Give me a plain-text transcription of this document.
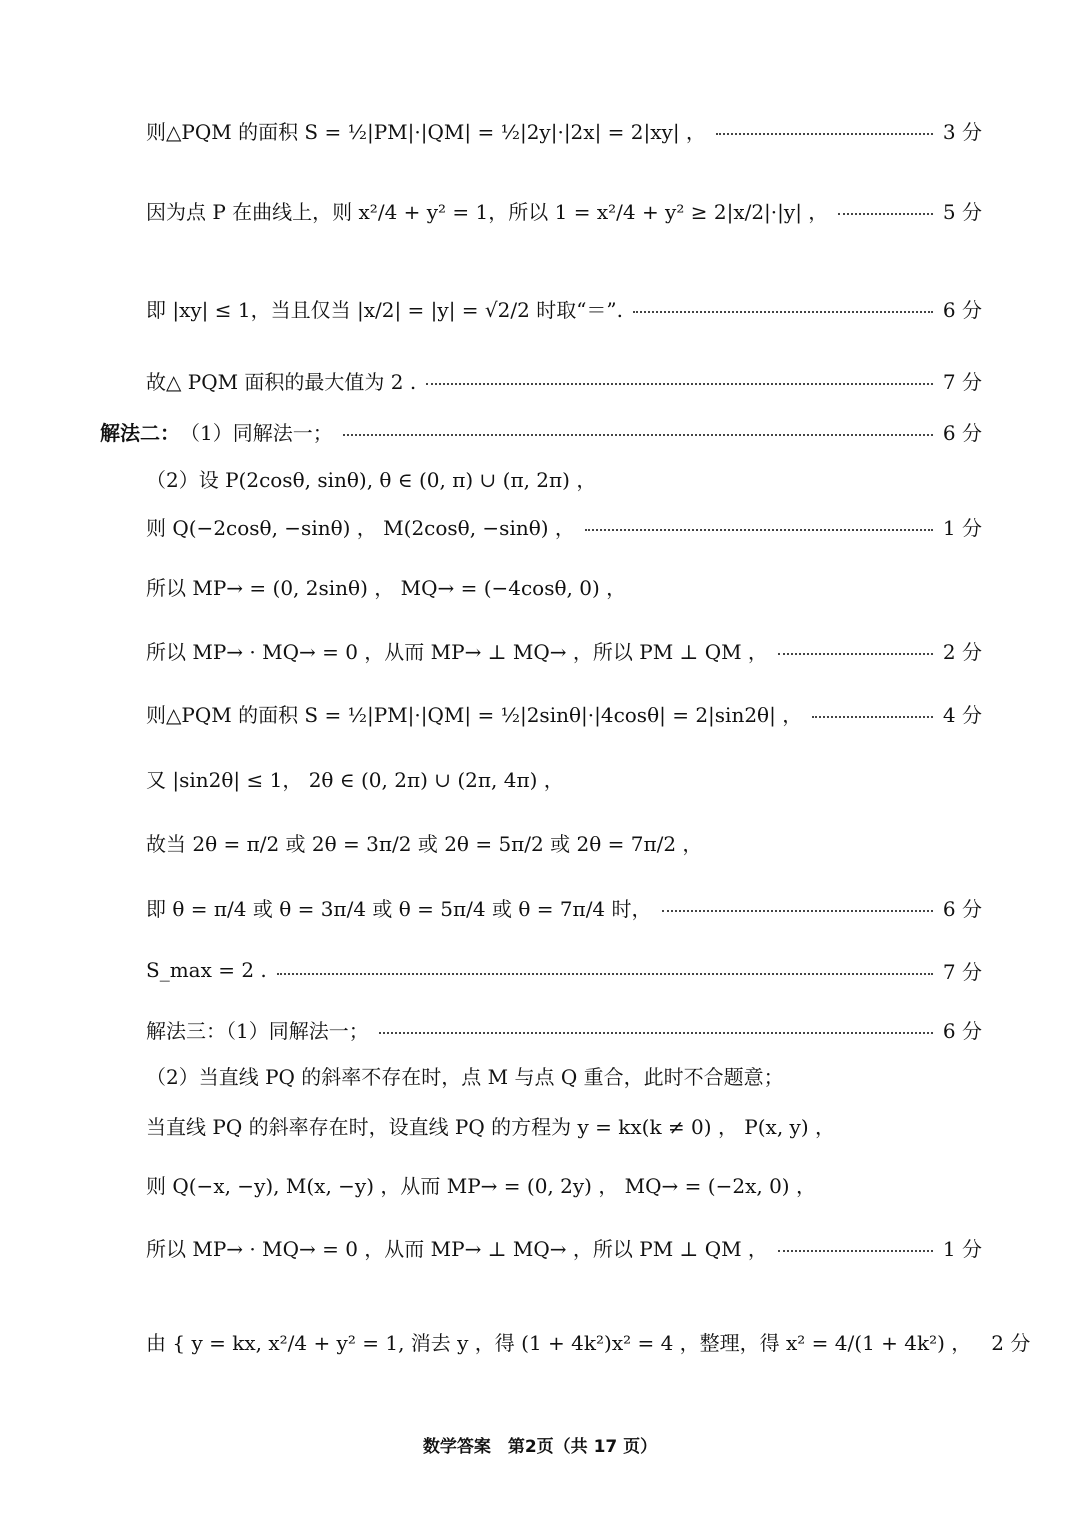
则△PQM 的面积 S = ½|PM|·|QM| = ½|2y|·|2x| = 2|xy| ，	3 分
因为点 P 在曲线上，则 x²/4 + y² = 1，所以 1 = x²/4 + y² ≥ 2|x/2|·|y| ，	5 分
即 |xy| ≤ 1，当且仅当 |x/2| = |y| = √2/2 时取“＝”.	6 分
故△ PQM 面积的最大值为 2 .	7 分
解法二： （1）同解法一；	6 分
（2）设 P(2cosθ, sinθ), θ ∈ (0, π) ∪ (π, 2π) ，
则 Q(−2cosθ, −sinθ) ， M(2cosθ, −sinθ) ，	1 分
所以 MP→ = (0, 2sinθ) ， MQ→ = (−4cosθ, 0) ，
所以 MP→ · MQ→ = 0 ，从而 MP→ ⊥ MQ→ ，所以 PM ⊥ QM ，	2 分
则△PQM 的面积 S = ½|PM|·|QM| = ½|2sinθ|·|4cosθ| = 2|sin2θ| ，	4 分
又 |sin2θ| ≤ 1， 2θ ∈ (0, 2π) ∪ (2π, 4π) ，
故当 2θ = π/2 或 2θ = 3π/2 或 2θ = 5π/2 或 2θ = 7π/2 ，
即 θ = π/4 或 θ = 3π/4 或 θ = 5π/4 或 θ = 7π/4 时，	6 分
S_max = 2 .	7 分
解法三：（1）同解法一；	6 分
（2）当直线 PQ 的斜率不存在时，点 M 与点 Q 重合，此时不合题意；
当直线 PQ 的斜率存在时，设直线 PQ 的方程为 y = kx(k ≠ 0) ， P(x, y) ，
则 Q(−x, −y), M(x, −y) ，从而 MP→ = (0, 2y) ， MQ→ = (−2x, 0) ，
所以 MP→ · MQ→ = 0 ，从而 MP→ ⊥ MQ→ ，所以 PM ⊥ QM ，	1 分
由 { y = kx, x²/4 + y² = 1, 消去 y ，得 (1 + 4k²)x² = 4 ，整理，得 x² = 4/(1 + 4k²) ， 2 分
数学答案　第2页（共 17 页）
